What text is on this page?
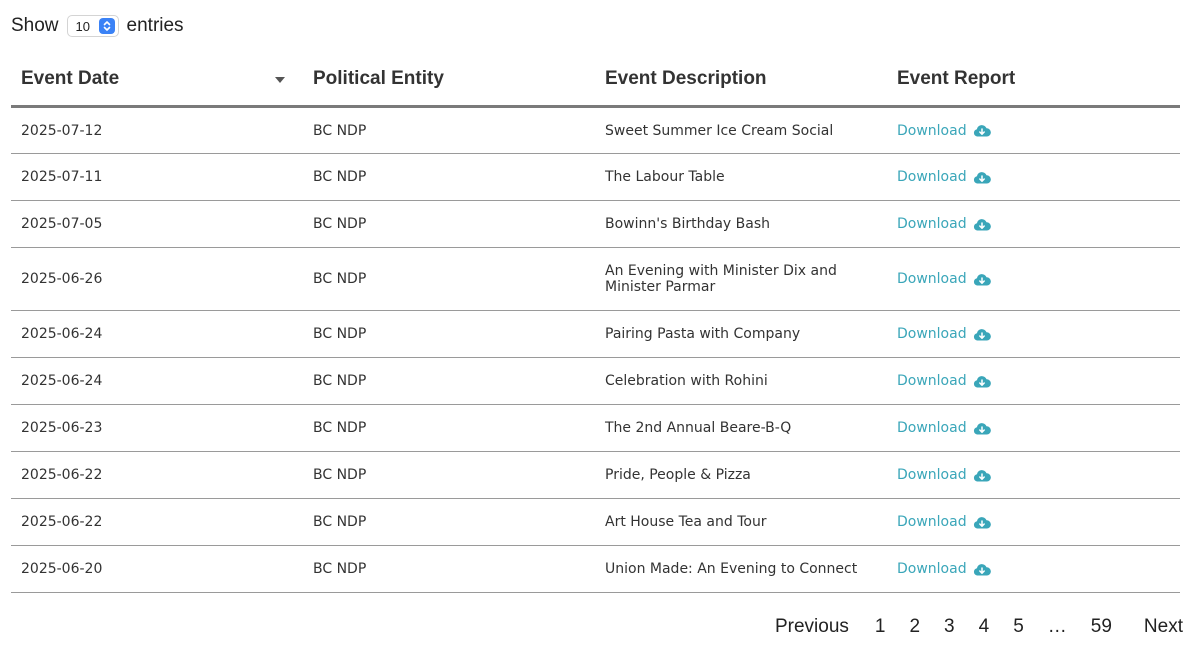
Show 10 entries
Event Date	Political Entity	Event Description	Event Report
2025-07-12	BC NDP	Sweet Summer Ice Cream Social	Download

2025-07-11	BC NDP	The Labour Table	Download

2025-07-05	BC NDP	Bowinn's Birthday Bash	Download

2025-06-26	BC NDP	An Evening with Minister Dix and Minister Parmar	Download

2025-06-24	BC NDP	Pairing Pasta with Company	Download

2025-06-24	BC NDP	Celebration with Rohini	Download

2025-06-23	BC NDP	The 2nd Annual Beare-B-Q	Download

2025-06-22	BC NDP	Pride, People & Pizza	Download

2025-06-22	BC NDP	Art House Tea and Tour	Download

2025-06-20	BC NDP	Union Made: An Evening to Connect	Download
Previous	1	2	3	4	5	…	59	Next
